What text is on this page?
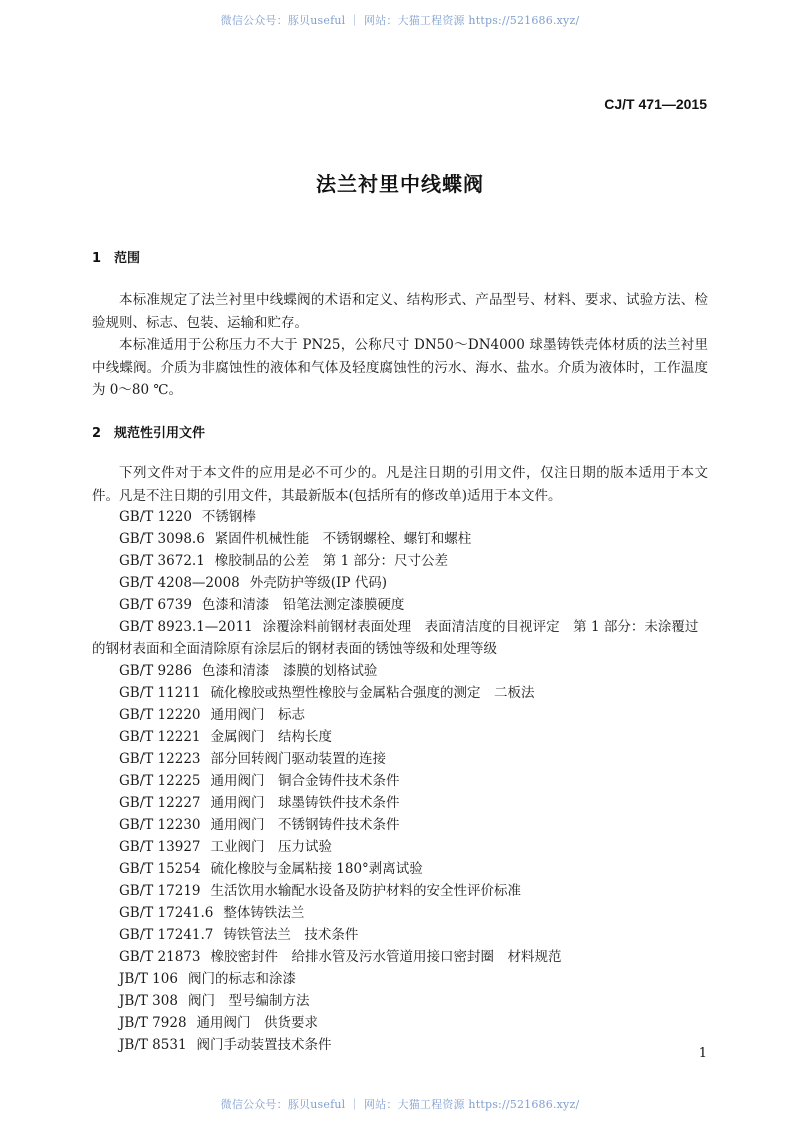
微信公众号：豚贝useful ｜ 网站：大猫工程资源 https://521686.xyz/
CJ/T 471—2015
法兰衬里中线蝶阀
1 范围
本标准规定了法兰衬里中线蝶阀的术语和定义、结构形式、产品型号、材料、要求、试验方法、检验规则、标志、包装、运输和贮存。
本标准适用于公称压力不大于 PN25，公称尺寸 DN50～DN4000 球墨铸铁壳体材质的法兰衬里中线蝶阀。介质为非腐蚀性的液体和气体及轻度腐蚀性的污水、海水、盐水。介质为液体时，工作温度为 0～80 ℃。
2 规范性引用文件
下列文件对于本文件的应用是必不可少的。凡是注日期的引用文件，仅注日期的版本适用于本文件。凡是不注日期的引用文件，其最新版本(包括所有的修改单)适用于本文件。
GB/T 1220 不锈钢棒
GB/T 3098.6 紧固件机械性能　不锈钢螺栓、螺钉和螺柱
GB/T 3672.1 橡胶制品的公差　第 1 部分：尺寸公差
GB/T 4208—2008 外壳防护等级(IP 代码)
GB/T 6739 色漆和清漆　铅笔法测定漆膜硬度
GB/T 8923.1—2011 涂覆涂料前钢材表面处理　表面清洁度的目视评定　第 1 部分：未涂覆过的钢材表面和全面清除原有涂层后的钢材表面的锈蚀等级和处理等级
GB/T 9286 色漆和清漆　漆膜的划格试验
GB/T 11211 硫化橡胶或热塑性橡胶与金属粘合强度的测定　二板法
GB/T 12220 通用阀门　标志
GB/T 12221 金属阀门　结构长度
GB/T 12223 部分回转阀门驱动装置的连接
GB/T 12225 通用阀门　铜合金铸件技术条件
GB/T 12227 通用阀门　球墨铸铁件技术条件
GB/T 12230 通用阀门　不锈钢铸件技术条件
GB/T 13927 工业阀门　压力试验
GB/T 15254 硫化橡胶与金属粘接 180°剥离试验
GB/T 17219 生活饮用水输配水设备及防护材料的安全性评价标准
GB/T 17241.6 整体铸铁法兰
GB/T 17241.7 铸铁管法兰　技术条件
GB/T 21873 橡胶密封件　给排水管及污水管道用接口密封圈　材料规范
JB/T 106 阀门的标志和涂漆
JB/T 308 阀门　型号编制方法
JB/T 7928 通用阀门　供货要求
JB/T 8531 阀门手动装置技术条件
1
微信公众号：豚贝useful ｜ 网站：大猫工程资源 https://521686.xyz/
